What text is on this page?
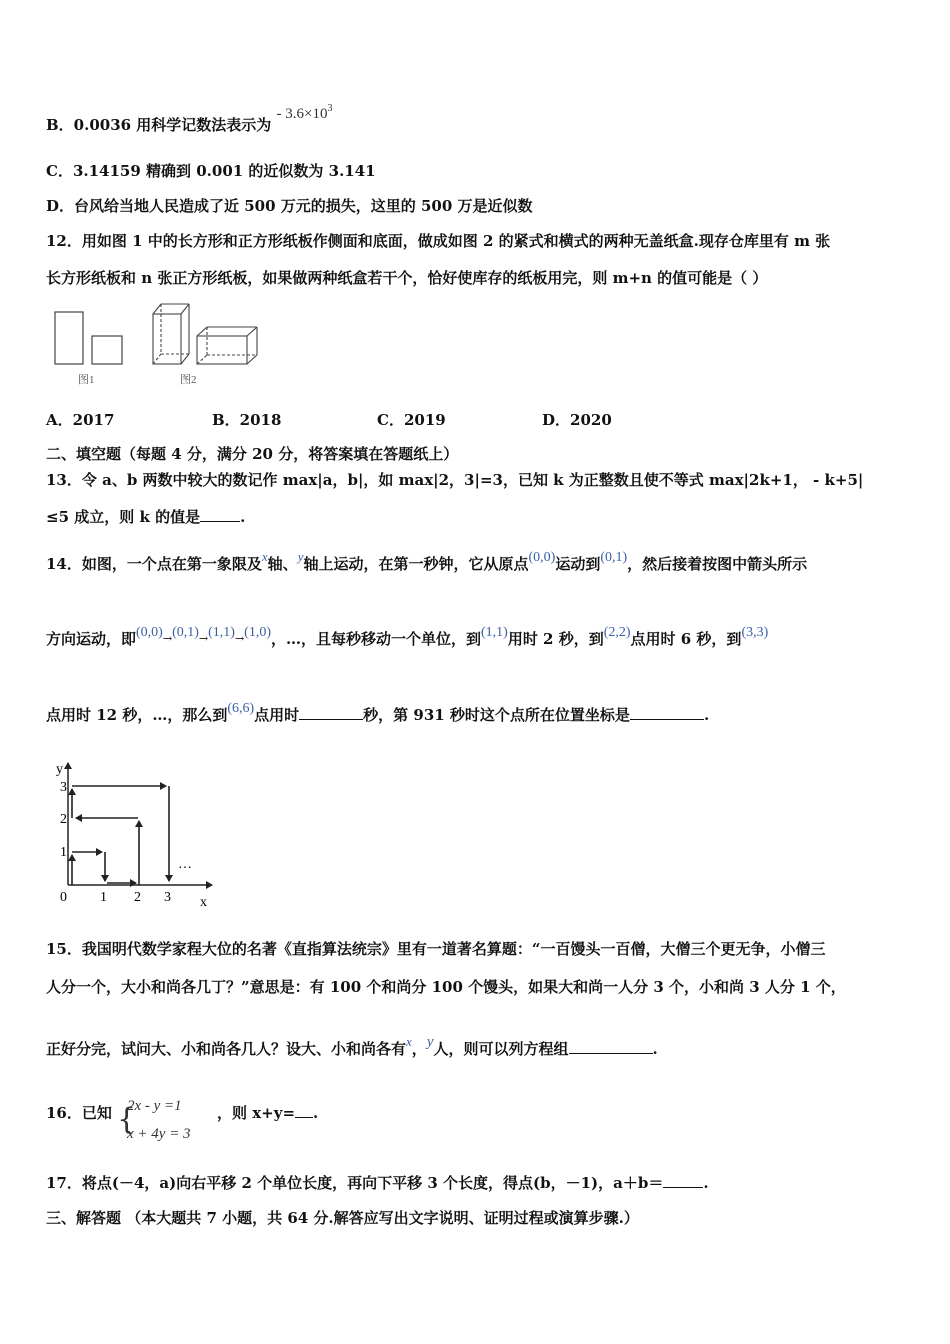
B．0.0036 用科学记数法表示为 - $3.6\times 10^3$
C．3.14159 精确到 0.001 的近似数为 3.141
D．台风给当地人民造成了近 500 万元的损失，这里的 500 万是近似数
12．用如图 1 中的长方形和正方形纸板作侧面和底面，做成如图 2 的紧式和横式的两种无盖纸盒.现存仓库里有 m 张
长方形纸板和 n 张正方形纸板，如果做两种纸盒若干个，恰好使库存的纸板用完，则 m+n 的值可能是（ ）
图1	图2
A．2017	B．2018	C．2019	D．2020
二、填空题（每题 4 分，满分 20 分，将答案填在答题纸上）
13．令 a、b 两数中较大的数记作 max|a，b|，如 max|2，3|=3，已知 k 为正整数且使不等式 max|2k+1， - k+5|
≤5 成立，则 k 的值是	.
14．如图，一个点在第一象限及x轴、y轴上运动，在第一秒钟，它从原点(0,0)运动到(0,1)，然后接着按图中箭头所示
方向运动，即(0,0)→(0,1)→(1,1)→(1,0)，…，且每秒移动一个单位，到(1,1)用时 2 秒，到(2,2)点用时 6 秒，到(3,3)
点用时 12 秒，…，那么到(6,6)点用时	秒，第 931 秒时这个点所在位置坐标是	.
y
x
0 1 2 3
1
2
3
…
15．我国明代数学家程大位的名著《直指算法统宗》里有一道著名算题：“一百馒头一百僧，大僧三个更无争，小僧三
人分一个，大小和尚各几丁？”意思是：有 100 个和尚分 100 个馒头，如果大和尚一人分 3 个，小和尚 3 人分 1 个，
正好分完，试问大、小和尚各几人？设大、小和尚各有x，y人，则可以列方程组	.
16．已知 {
2x - y =1
x + 4y = 3
，则 x+y= .
17．将点(－4，a)向右平移 2 个单位长度，再向下平移 3 个长度，得点(b，－1)，a＋b＝	.
三、解答题 （本大题共 7 小题，共 64 分.解答应写出文字说明、证明过程或演算步骤.）
